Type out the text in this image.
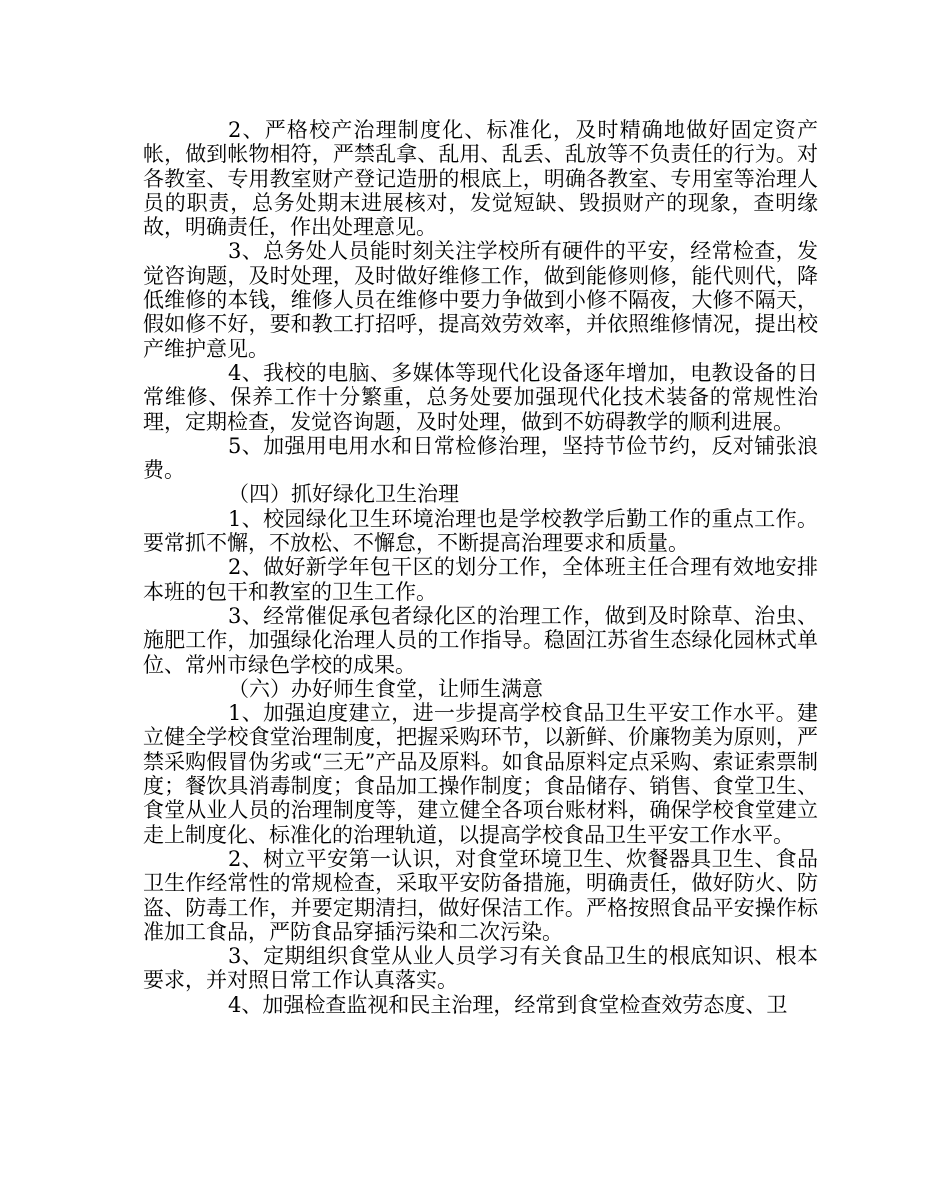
2、严格校产治理制度化、标准化，及时精确地做好固定资产帐，做到帐物相符，严禁乱拿、乱用、乱丢、乱放等不负责任的行为。对各教室、专用教室财产登记造册的根底上，明确各教室、专用室等治理人员的职责，总务处期末进展核对，发觉短缺、毁损财产的现象，查明缘故，明确责任，作出处理意见。

3、总务处人员能时刻关注学校所有硬件的平安，经常检查，发觉咨询题，及时处理，及时做好维修工作，做到能修则修，能代则代，降低维修的本钱，维修人员在维修中要力争做到小修不隔夜，大修不隔天，假如修不好，要和教工打招呼，提高效劳效率，并依照维修情况，提出校产维护意见。

4、我校的电脑、多媒体等现代化设备逐年增加，电教设备的日常维修、保养工作十分繁重，总务处要加强现代化技术装备的常规性治理，定期检查，发觉咨询题，及时处理，做到不妨碍教学的顺利进展。

5、加强用电用水和日常检修治理，坚持节俭节约，反对铺张浪费。

（四）抓好绿化卫生治理

1、校园绿化卫生环境治理也是学校教学后勤工作的重点工作。要常抓不懈，不放松、不懈怠，不断提高治理要求和质量。

2、做好新学年包干区的划分工作，全体班主任合理有效地安排本班的包干和教室的卫生工作。

3、经常催促承包者绿化区的治理工作，做到及时除草、治虫、施肥工作，加强绿化治理人员的工作指导。稳固江苏省生态绿化园林式单位、常州市绿色学校的成果。

（六）办好师生食堂，让师生满意

1、加强迫度建立，进一步提高学校食品卫生平安工作水平。建立健全学校食堂治理制度，把握采购环节，以新鲜、价廉物美为原则，严禁采购假冒伪劣或“三无”产品及原料。如食品原料定点采购、索证索票制度；餐饮具消毒制度；食品加工操作制度；食品储存、销售、食堂卫生、食堂从业人员的治理制度等，建立健全各项台账材料，确保学校食堂建立走上制度化、标准化的治理轨道，以提高学校食品卫生平安工作水平。

2、树立平安第一认识，对食堂环境卫生、炊餐器具卫生、食品卫生作经常性的常规检查，采取平安防备措施，明确责任，做好防火、防盗、防毒工作，并要定期清扫，做好保洁工作。严格按照食品平安操作标准加工食品，严防食品穿插污染和二次污染。

3、定期组织食堂从业人员学习有关食品卫生的根底知识、根本要求，并对照日常工作认真落实。

4、加强检查监视和民主治理，经常到食堂检查效劳态度、卫
